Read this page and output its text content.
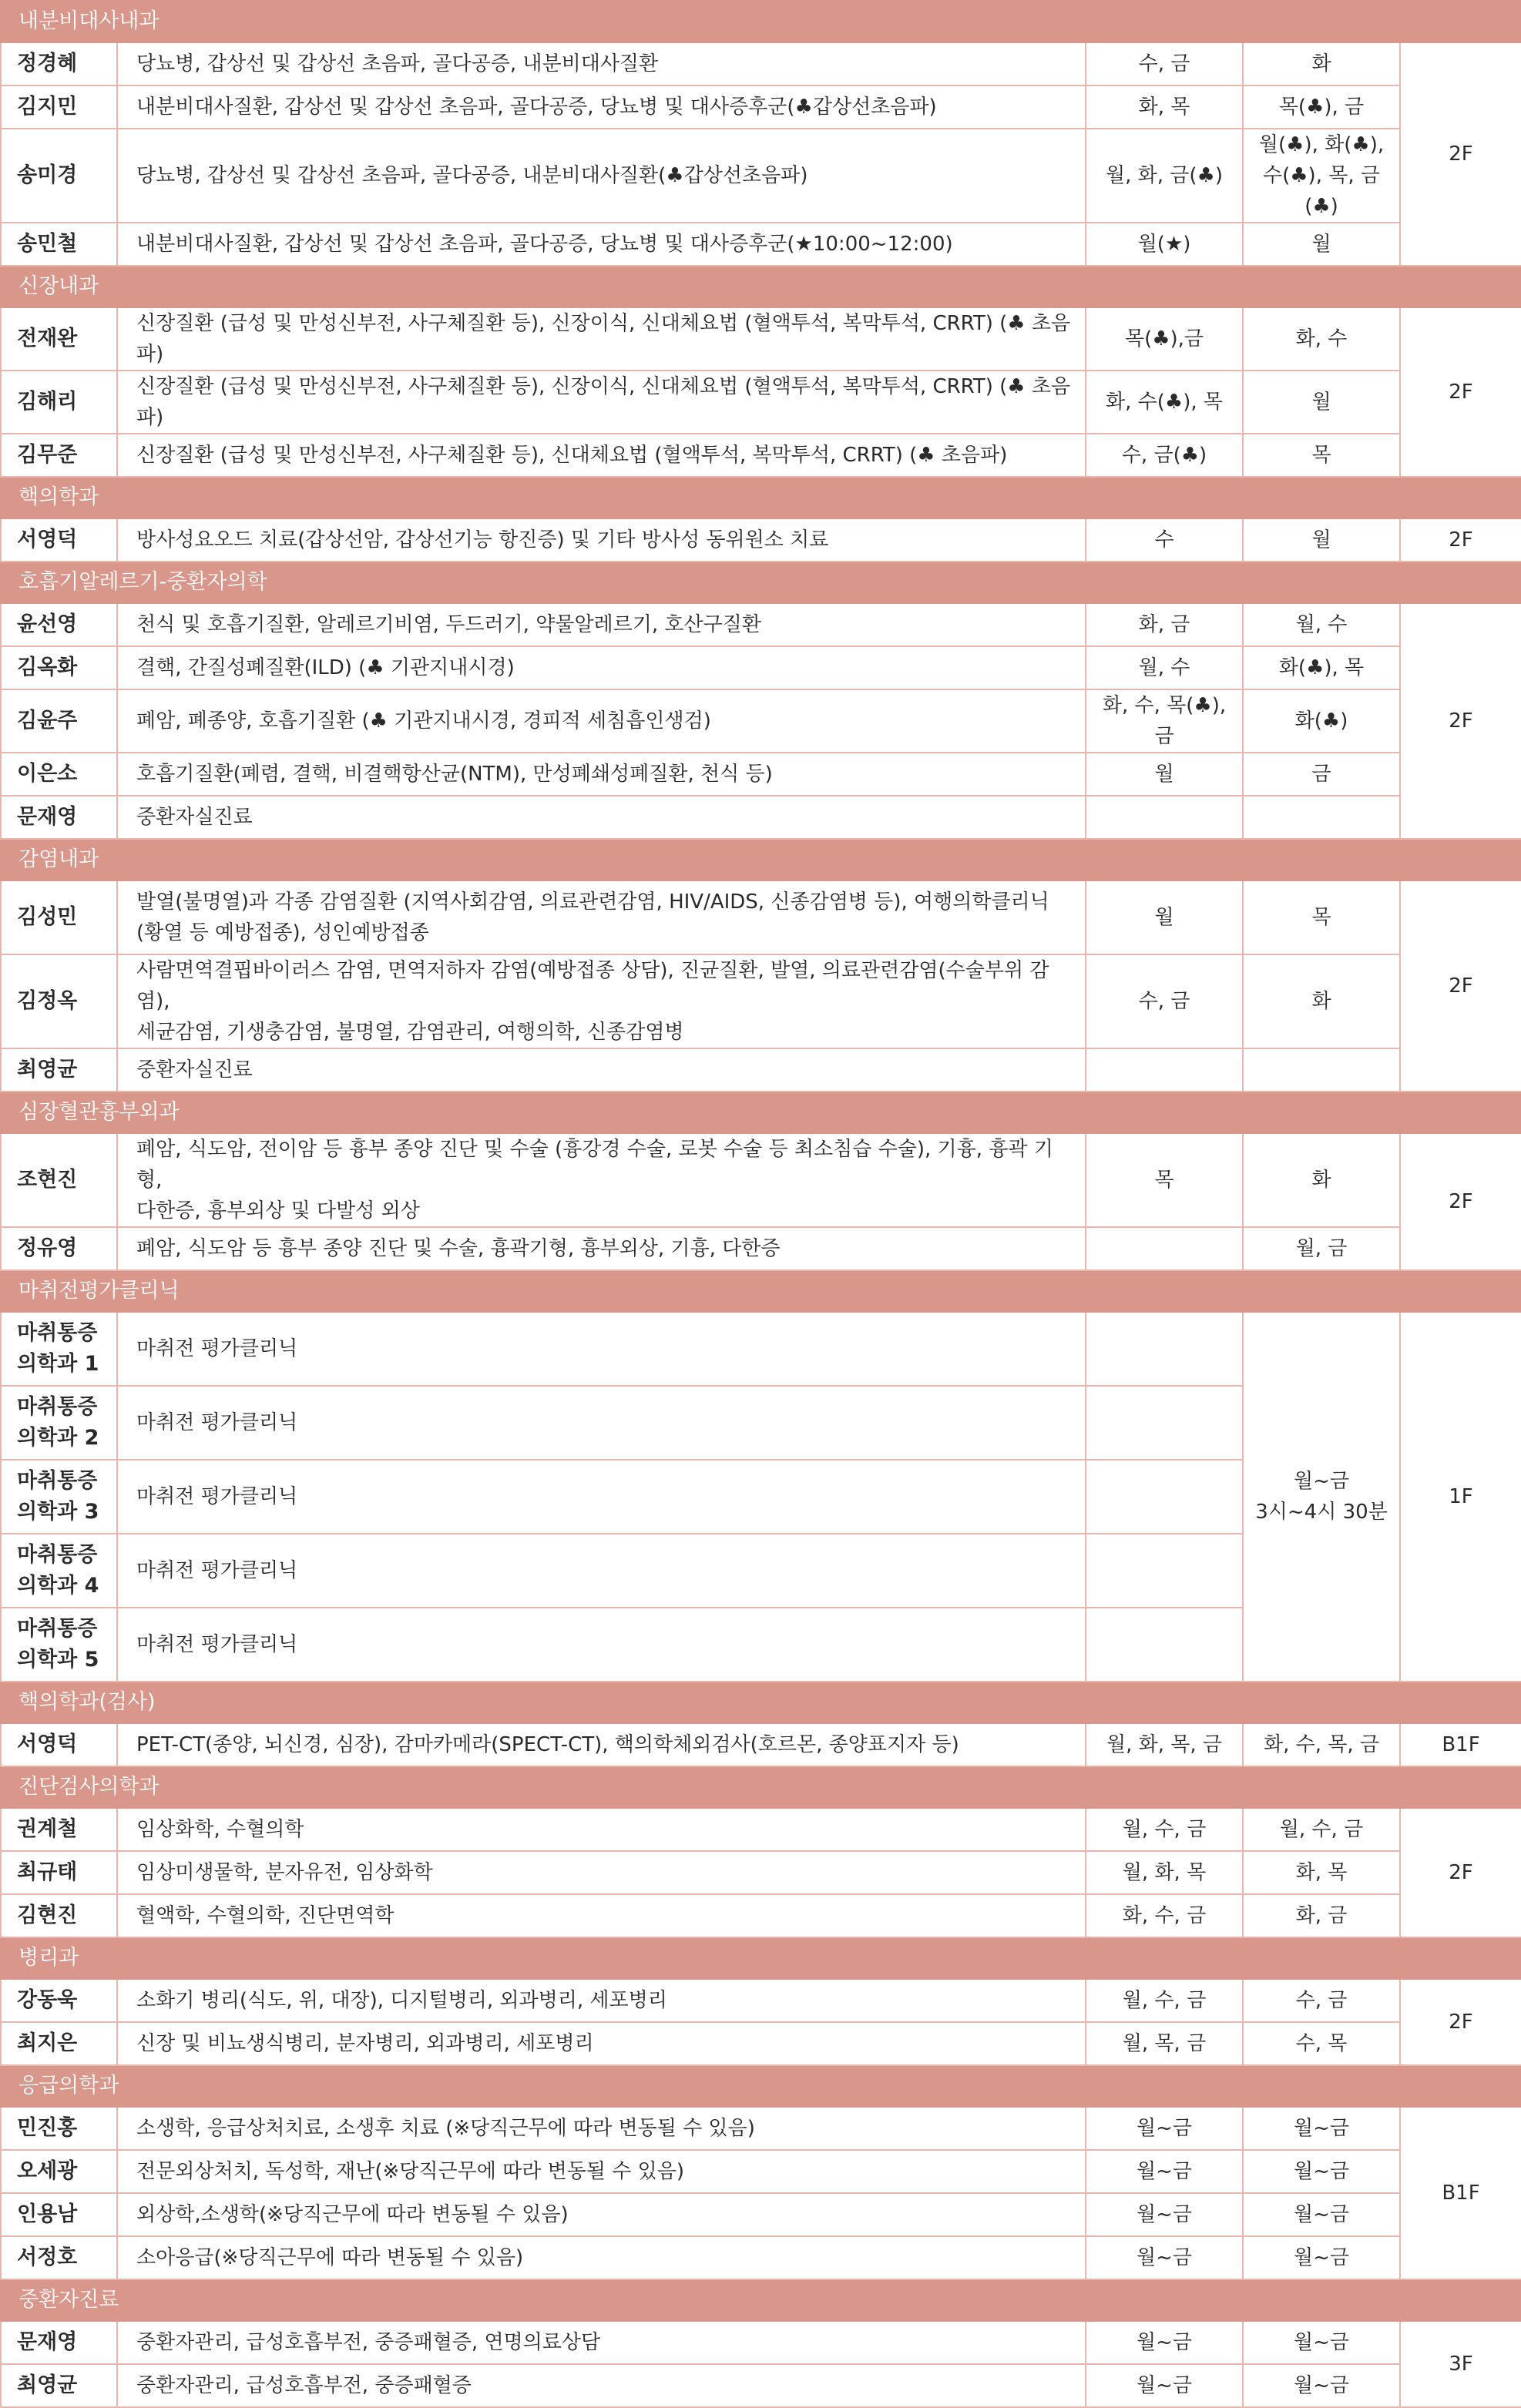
내분비대사내과				
정경혜	당뇨병, 갑상선 및 갑상선 초음파, 골다공증, 내분비대사질환	수, 금	화	2F
김지민	내분비대사질환, 갑상선 및 갑상선 초음파, 골다공증, 당뇨병 및 대사증후군(♣갑상선초음파)	화, 목	목(♣), 금	
송미경	당뇨병, 갑상선 및 갑상선 초음파, 골다공증, 내분비대사질환(♣갑상선초음파)	월, 화, 금(♣)	월(♣), 화(♣),
수(♣), 목, 금(♣)	
송민철	내분비대사질환, 갑상선 및 갑상선 초음파, 골다공증, 당뇨병 및 대사증후군(★10:00~12:00)	월(★)	월	
신장내과				
전재완	신장질환 (급성 및 만성신부전, 사구체질환 등), 신장이식, 신대체요법 (혈액투석, 복막투석, CRRT) (♣ 초음파)	목(♣),금	화, 수	2F
김해리	신장질환 (급성 및 만성신부전, 사구체질환 등), 신장이식, 신대체요법 (혈액투석, 복막투석, CRRT) (♣ 초음파)	화, 수(♣), 목	월	
김무준	신장질환 (급성 및 만성신부전, 사구체질환 등), 신대체요법 (혈액투석, 복막투석, CRRT) (♣ 초음파)	수, 금(♣)	목	
핵의학과				
서영덕	방사성요오드 치료(갑상선암, 갑상선기능 항진증) 및 기타 방사성 동위원소 치료	수	월	2F
호흡기알레르기-중환자의학				
윤선영	천식 및 호흡기질환, 알레르기비염, 두드러기, 약물알레르기, 호산구질환	화, 금	월, 수	2F
김옥화	결핵, 간질성폐질환(ILD) (♣ 기관지내시경)	월, 수	화(♣), 목	
김윤주	폐암, 폐종양, 호흡기질환 (♣ 기관지내시경, 경피적 세침흡인생검)	화, 수, 목(♣), 금	화(♣)	
이은소	호흡기질환(폐렴, 결핵, 비결핵항산균(NTM), 만성폐쇄성폐질환, 천식 등)	월	금	
문재영	중환자실진료			
감염내과				
김성민	발열(불명열)과 각종 감염질환 (지역사회감염, 의료관련감염, HIV/AIDS, 신종감염병 등), 여행의학클리닉
(황열 등 예방접종), 성인예방접종	월	목	2F
김정옥	사람면역결핍바이러스 감염, 면역저하자 감염(예방접종 상담), 진균질환, 발열, 의료관련감염(수술부위 감염),
세균감염, 기생충감염, 불명열, 감염관리, 여행의학, 신종감염병	수, 금	화	
최영균	중환자실진료			
심장혈관흉부외과				
조현진	폐암, 식도암, 전이암 등 흉부 종양 진단 및 수술 (흉강경 수술, 로봇 수술 등 최소침습 수술), 기흉, 흉곽 기형,
다한증, 흉부외상 및 다발성 외상	목	화	2F
정유영	폐암, 식도암 등 흉부 종양 진단 및 수술, 흉곽기형, 흉부외상, 기흉, 다한증		월, 금	
마취전평가클리닉				
마취통증
의학과 1	마취전 평가클리닉		월~금
3시~4시 30분	1F
마취통증
의학과 2	마취전 평가클리닉			
마취통증
의학과 3	마취전 평가클리닉			
마취통증
의학과 4	마취전 평가클리닉			
마취통증
의학과 5	마취전 평가클리닉			
핵의학과(검사)				
서영덕	PET-CT(종양, 뇌신경, 심장), 감마카메라(SPECT-CT), 핵의학체외검사(호르몬, 종양표지자 등)	월, 화, 목, 금	화, 수, 목, 금	B1F
진단검사의학과				
권계철	임상화학, 수혈의학	월, 수, 금	월, 수, 금	2F
최규태	임상미생물학, 분자유전, 임상화학	월, 화, 목	화, 목	
김현진	혈액학, 수혈의학, 진단면역학	화, 수, 금	화, 금	
병리과				
강동욱	소화기 병리(식도, 위, 대장), 디지털병리, 외과병리, 세포병리	월, 수, 금	수, 금	2F
최지은	신장 및 비뇨생식병리, 분자병리, 외과병리, 세포병리	월, 목, 금	수, 목	
응급의학과				
민진홍	소생학, 응급상처치료, 소생후 치료 (※당직근무에 따라 변동될 수 있음)	월~금	월~금	B1F
오세광	전문외상처치, 독성학, 재난(※당직근무에 따라 변동될 수 있음)	월~금	월~금	
인용남	외상학,소생학(※당직근무에 따라 변동될 수 있음)	월~금	월~금	
서정호	소아응급(※당직근무에 따라 변동될 수 있음)	월~금	월~금	
중환자진료				
문재영	중환자관리, 급성호흡부전, 중증패혈증, 연명의료상담	월~금	월~금	3F
최영균	중환자관리, 급성호흡부전, 중증패혈증	월~금	월~금	
